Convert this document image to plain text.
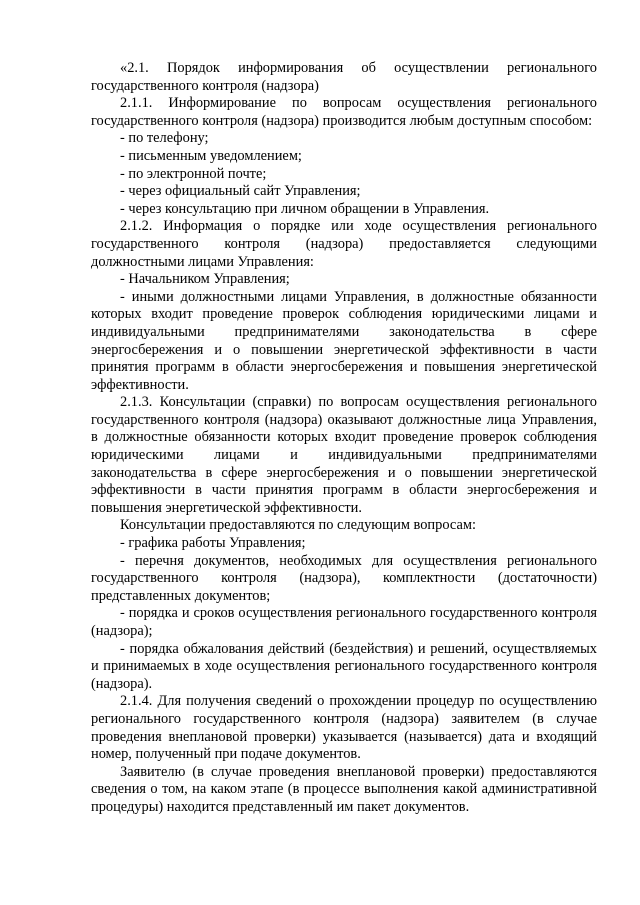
«2.1. Порядок информирования об осуществлении регионального государственного контроля (надзора)

2.1.1. Информирование по вопросам осуществления регионального государственного контроля (надзора) производится любым доступным способом:

- по телефону;

- письменным уведомлением;

- по электронной почте;

- через официальный сайт Управления;

- через консультацию при личном обращении в Управления.

2.1.2. Информация о порядке или ходе осуществления регионального государственного контроля (надзора) предоставляется следующими должностными лицами Управления:

- Начальником Управления;

- иными должностными лицами Управления, в должностные обязанности которых входит проведение проверок соблюдения юридическими лицами и индивидуальными предпринимателями законодательства в сфере энергосбережения и о повышении энергетической эффективности в части принятия программ в области энергосбережения и повышения энергетической эффективности.

2.1.3. Консультации (справки) по вопросам осуществления регионального государственного контроля (надзора) оказывают должностные лица Управления, в должностные обязанности которых входит проведение проверок соблюдения юридическими лицами и индивидуальными предпринимателями законодательства в сфере энергосбережения и о повышении энергетической эффективности в части принятия программ в области энергосбережения и повышения энергетической эффективности.

Консультации предоставляются по следующим вопросам:

- графика работы Управления;

- перечня документов, необходимых для осуществления регионального государственного контроля (надзора), комплектности (достаточности) представленных документов;

- порядка и сроков осуществления регионального государственного контроля (надзора);

- порядка обжалования действий (бездействия) и решений, осуществляемых и принимаемых в ходе осуществления регионального государственного контроля (надзора).

2.1.4. Для получения сведений о прохождении процедур по осуществлению регионального государственного контроля (надзора) заявителем (в случае проведения внеплановой проверки) указывается (называется) дата и входящий номер, полученный при подаче документов.

Заявителю (в случае проведения внеплановой проверки) предоставляются сведения о том, на каком этапе (в процессе выполнения какой административной процедуры) находится представленный им пакет документов.
